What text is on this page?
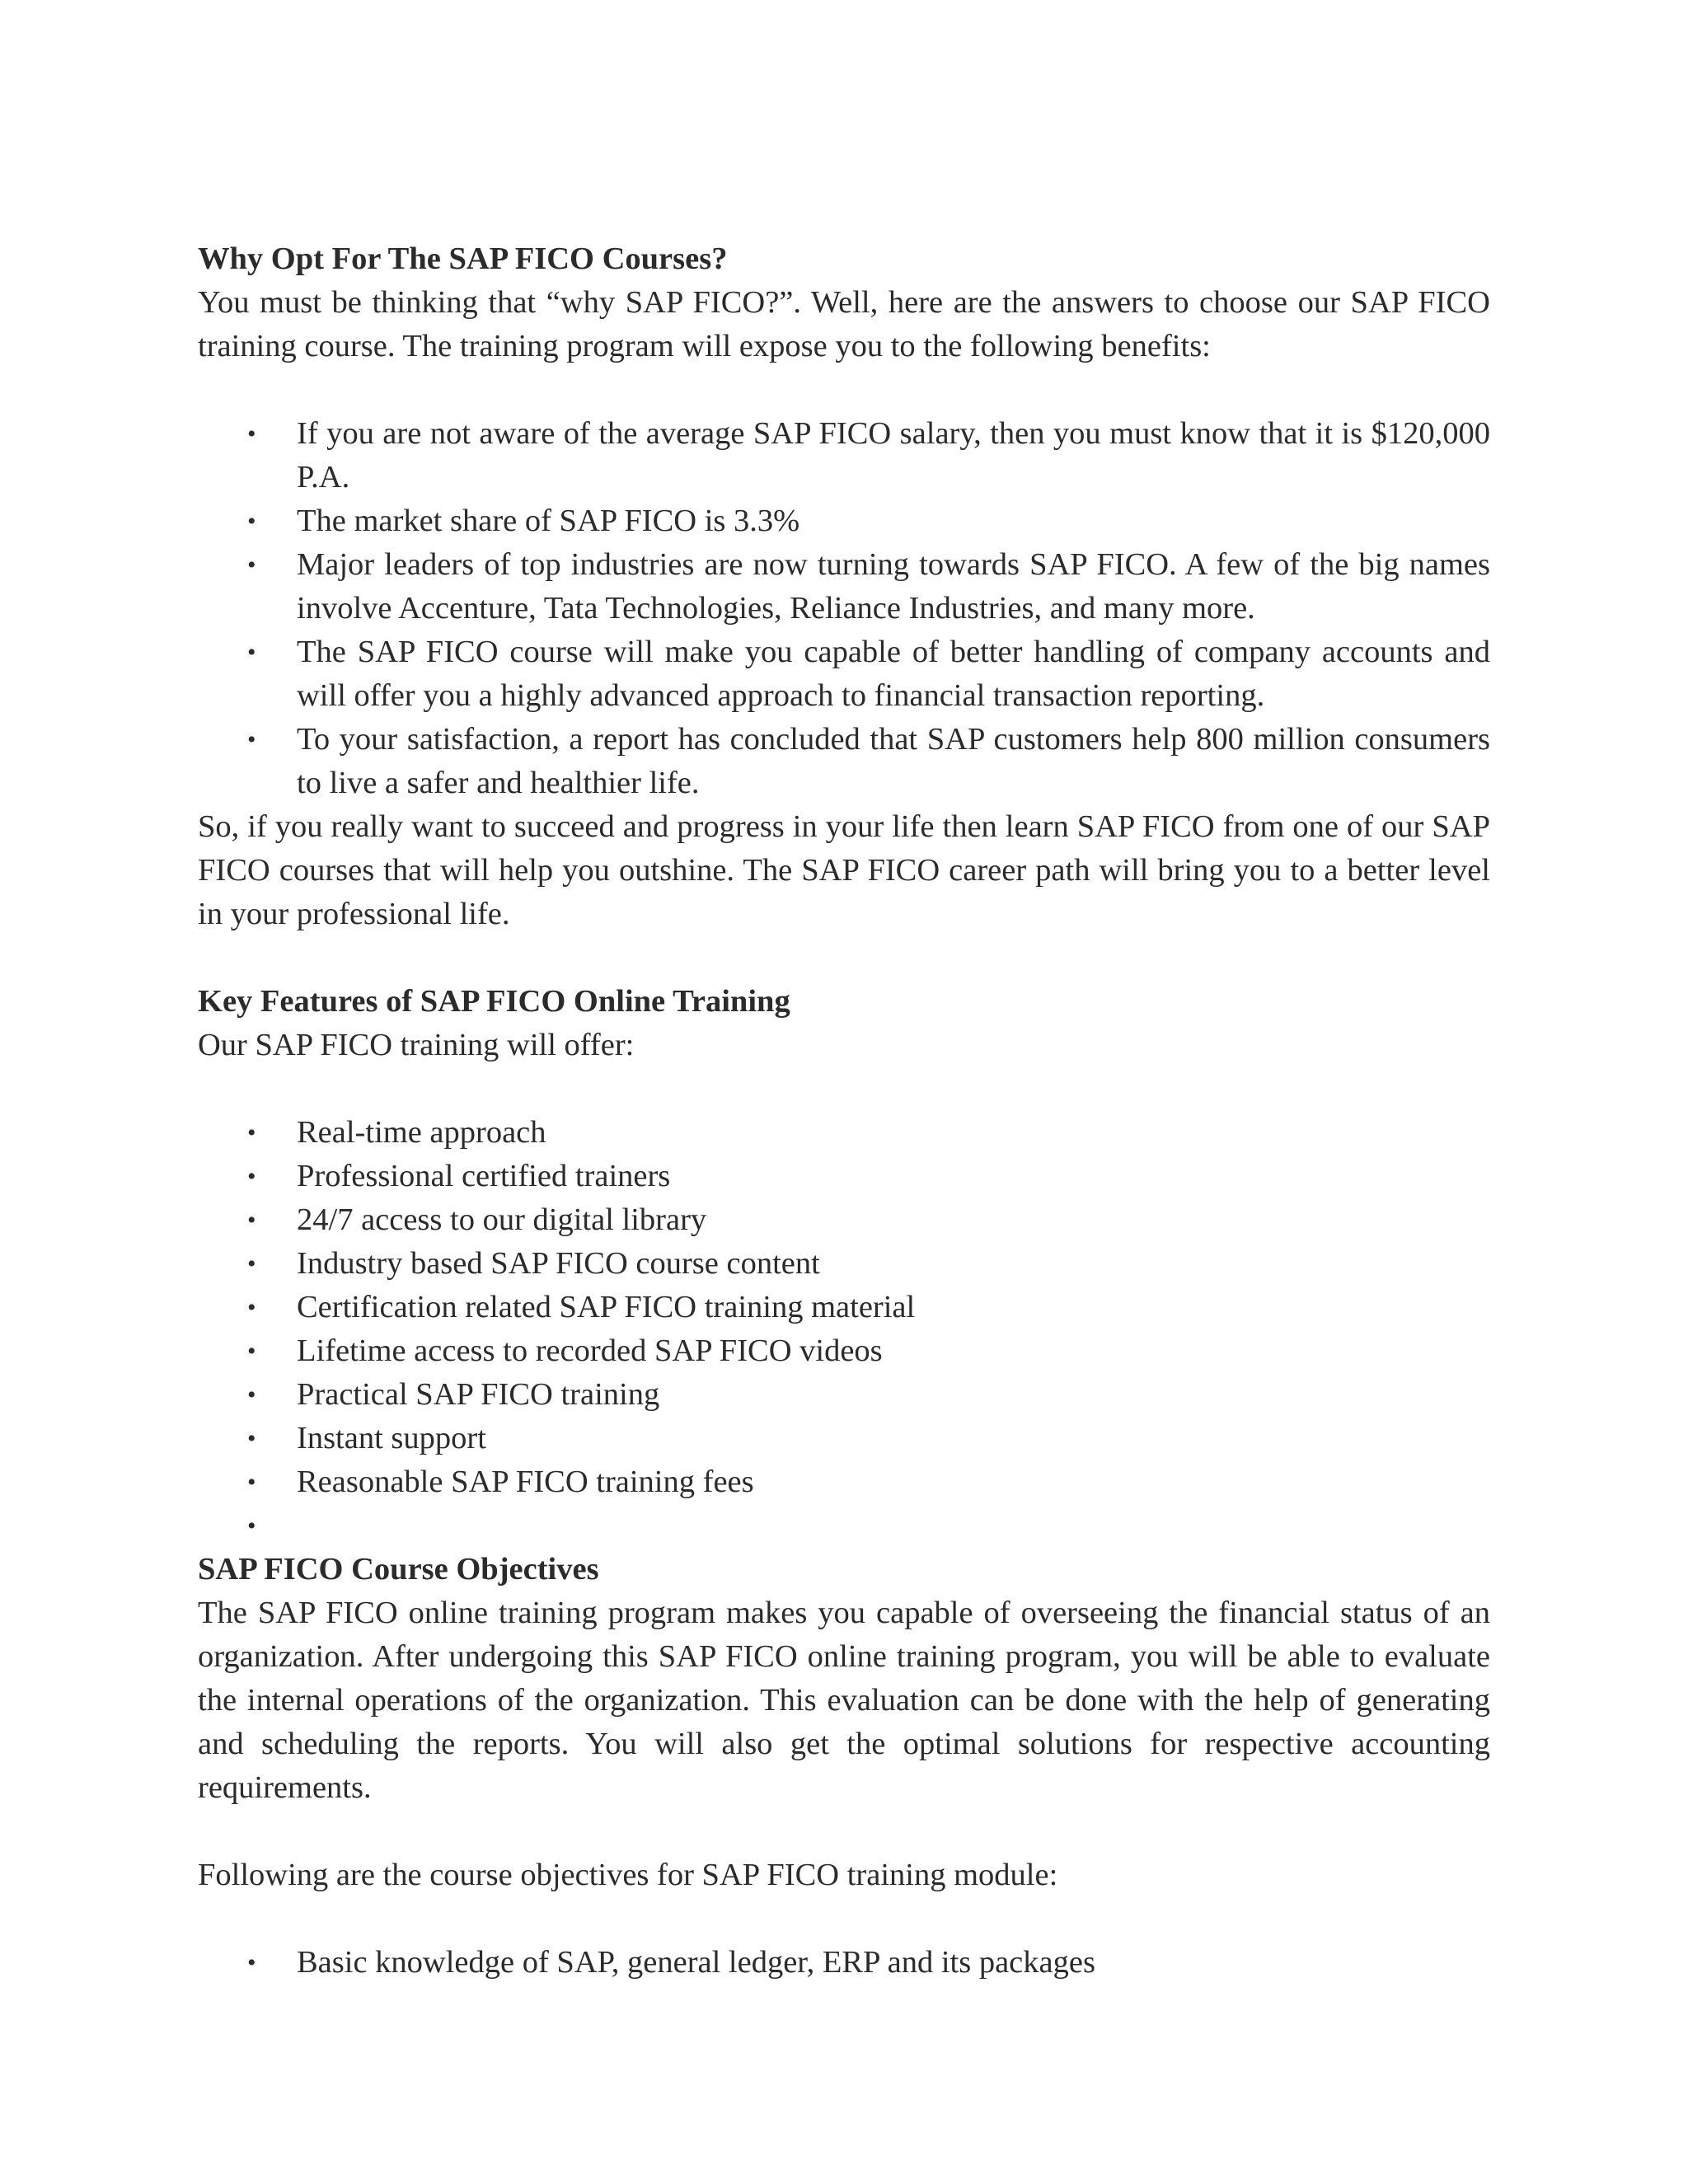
Why Opt For The SAP FICO Courses?

You must be thinking that “why SAP FICO?”. Well, here are the answers to choose our SAP FICO training course. The training program will expose you to the following benefits:

• If you are not aware of the average SAP FICO salary, then you must know that it is $120,000 P.A.
• The market share of SAP FICO is 3.3%
• Major leaders of top industries are now turning towards SAP FICO. A few of the big names involve Accenture, Tata Technologies, Reliance Industries, and many more.
• The SAP FICO course will make you capable of better handling of company accounts and will offer you a highly advanced approach to financial transaction reporting.
• To your satisfaction, a report has concluded that SAP customers help 800 million consumers to live a safer and healthier life.

So, if you really want to succeed and progress in your life then learn SAP FICO from one of our SAP FICO courses that will help you outshine. The SAP FICO career path will bring you to a better level in your professional life.

Key Features of SAP FICO Online Training

Our SAP FICO training will offer:

• Real-time approach
• Professional certified trainers
• 24/7 access to our digital library
• Industry based SAP FICO course content
• Certification related SAP FICO training material
• Lifetime access to recorded SAP FICO videos
• Practical SAP FICO training
• Instant support
• Reasonable SAP FICO training fees
•

SAP FICO Course Objectives

The SAP FICO online training program makes you capable of overseeing the financial status of an organization. After undergoing this SAP FICO online training program, you will be able to evaluate the internal operations of the organization. This evaluation can be done with the help of generating and scheduling the reports. You will also get the optimal solutions for respective accounting requirements.

Following are the course objectives for SAP FICO training module:

• Basic knowledge of SAP, general ledger, ERP and its packages
